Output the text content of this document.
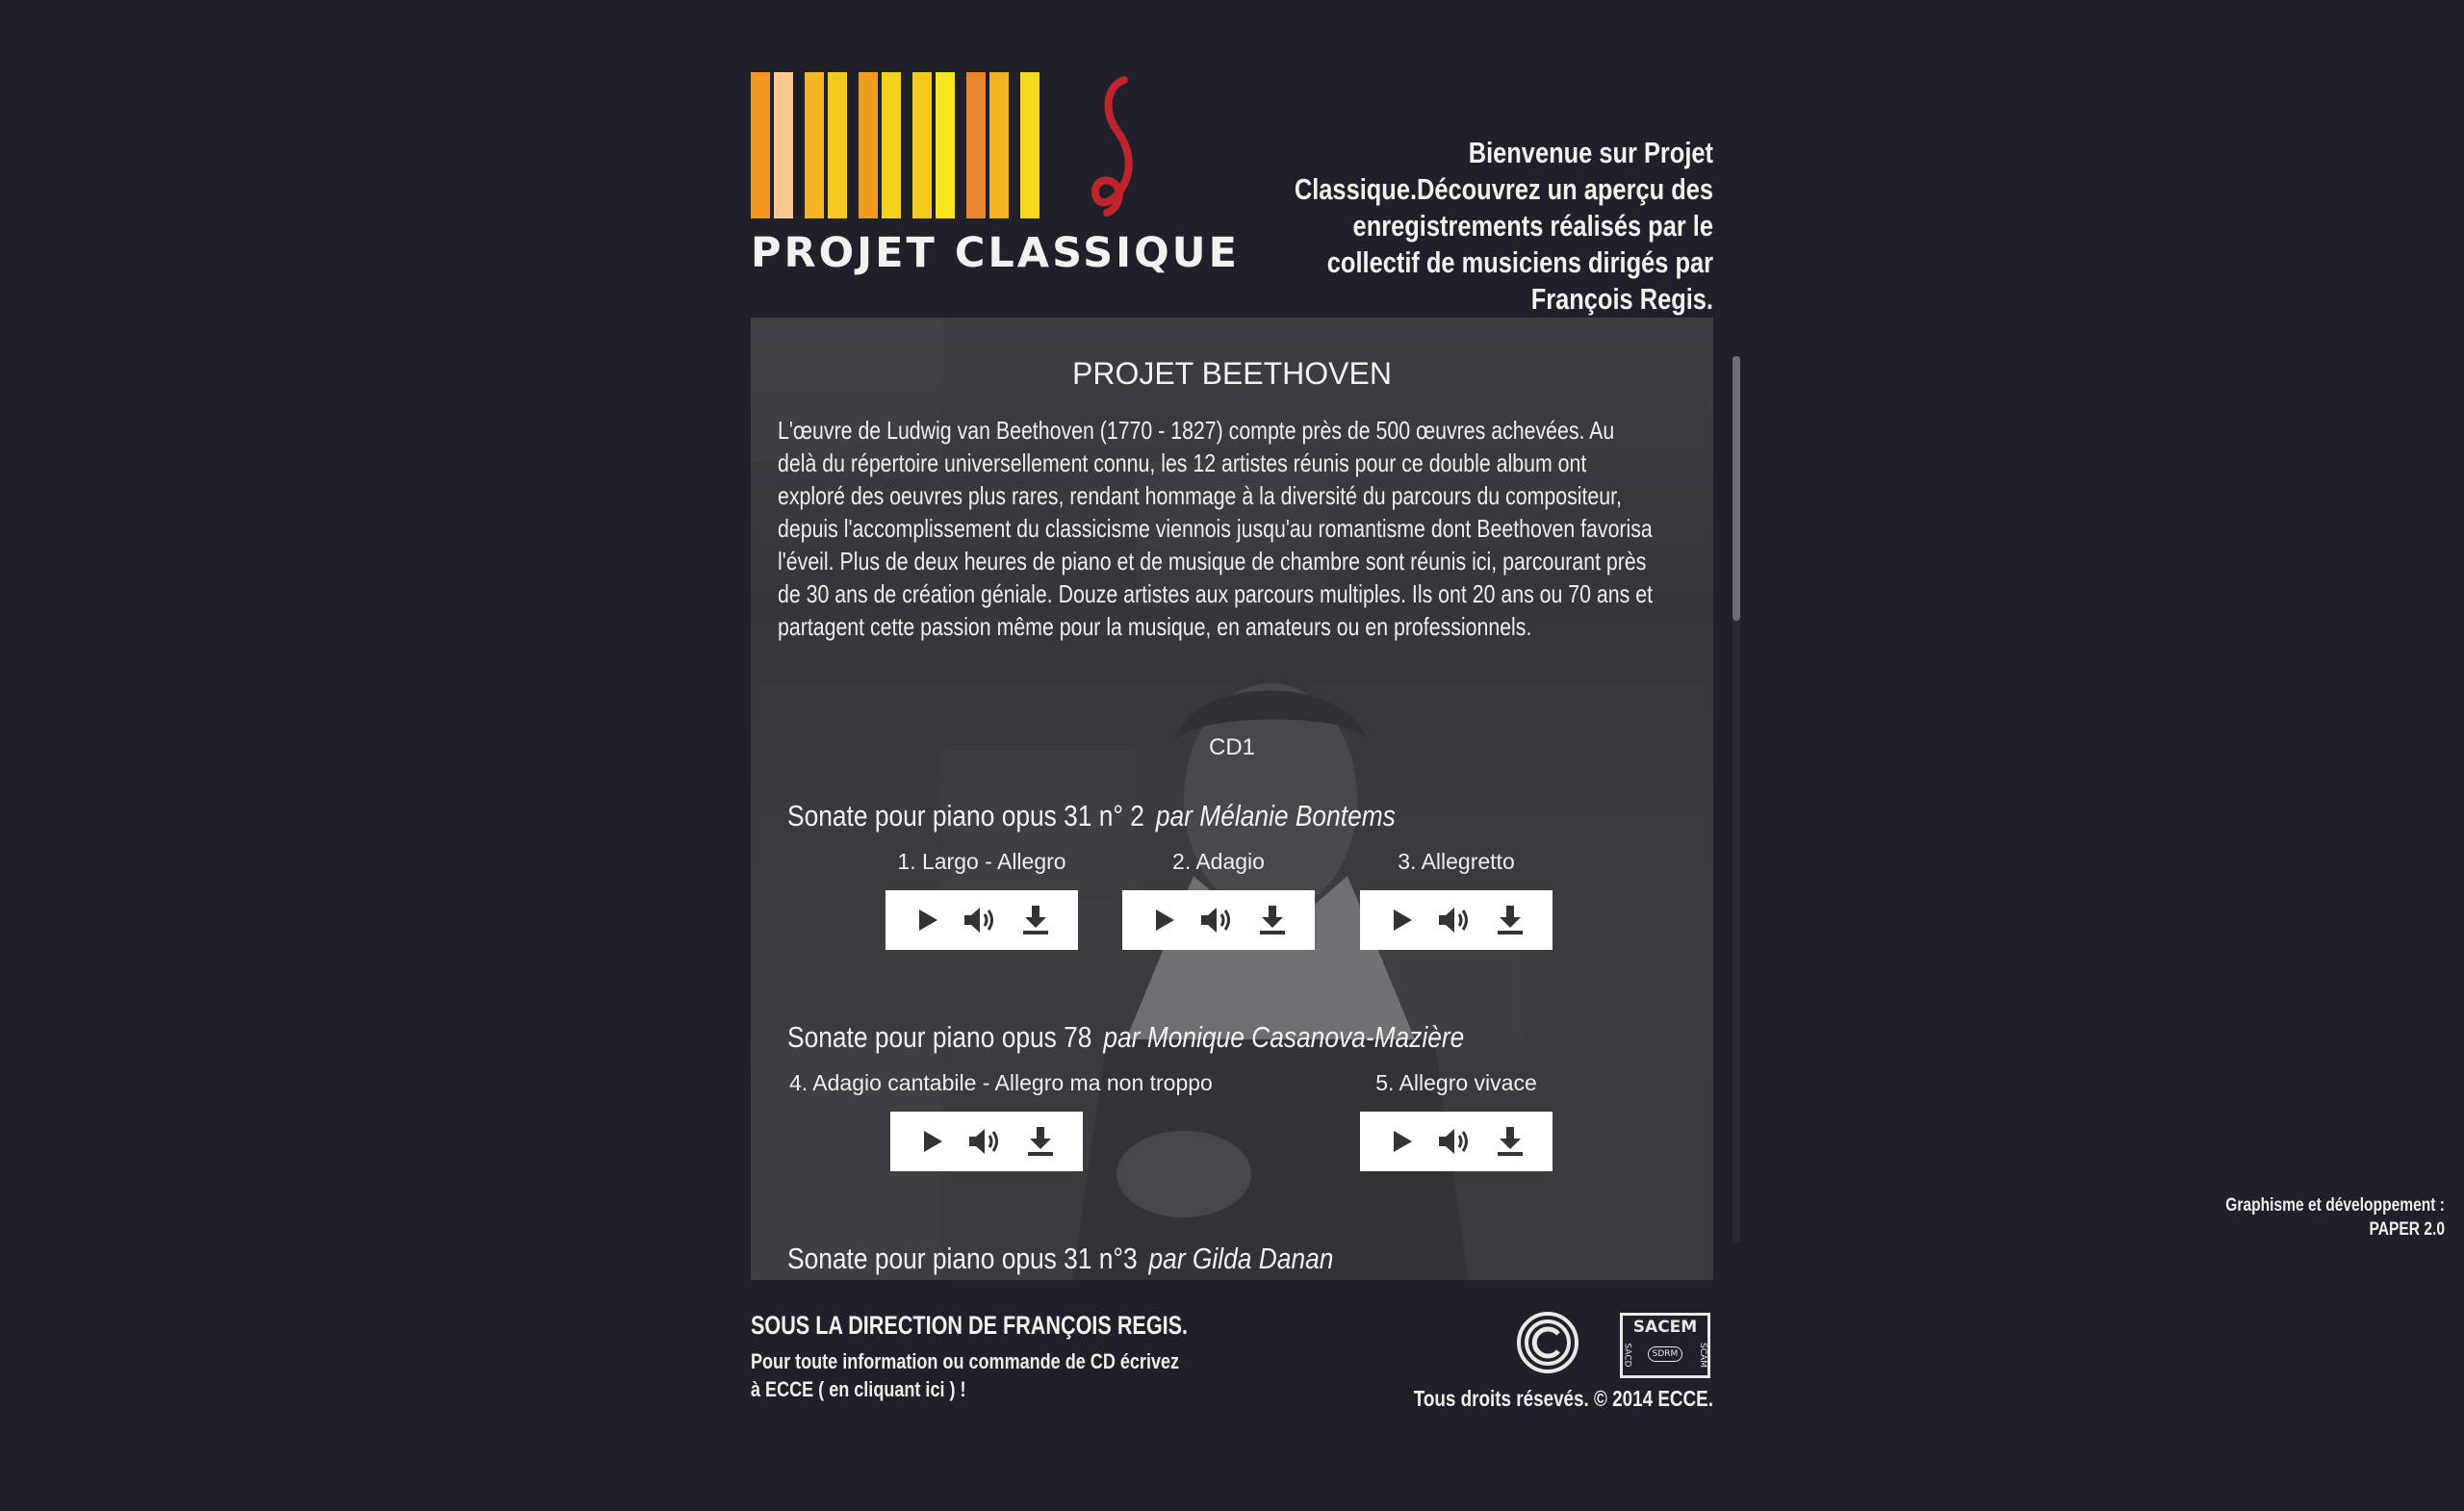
PROJET CLASSIQUE
Bienvenue sur Projet Classique.Découvrez un aperçu des enregistrements réalisés par le collectif de musiciens dirigés par François Regis.
PROJET BEETHOVEN
L'œuvre de Ludwig van Beethoven (1770 - 1827) compte près de 500 œuvres achevées. Au delà du répertoire universellement connu, les 12 artistes réunis pour ce double album ont exploré des oeuvres plus rares, rendant hommage à la diversité du parcours du compositeur, depuis l'accomplissement du classicisme viennois jusqu'au romantisme dont Beethoven favorisa l'éveil. Plus de deux heures de piano et de musique de chambre sont réunis ici, parcourant près de 30 ans de création géniale. Douze artistes aux parcours multiples. Ils ont 20 ans ou 70 ans et partagent cette passion même pour la musique, en amateurs ou en professionnels.
CD1
Sonate pour piano opus 31 n° 2 par Mélanie Bontems
1. Largo - Allegro	2. Adagio	3. Allegretto
Sonate pour piano opus 78 par Monique Casanova-Mazière
4. Adagio cantabile - Allegro ma non troppo	5. Allegro vivace
Sonate pour piano opus 31 n°3 par Gilda Danan
SOUS LA DIRECTION DE FRANÇOIS REGIS.
Pour toute information ou commande de CD écrivez à ECCE ( en cliquant ici ) !
SACEM
SACD	SCAM
SDRM
Tous droits résevés. © 2014 ECCE.
Graphisme et développement :
PAPER 2.0
